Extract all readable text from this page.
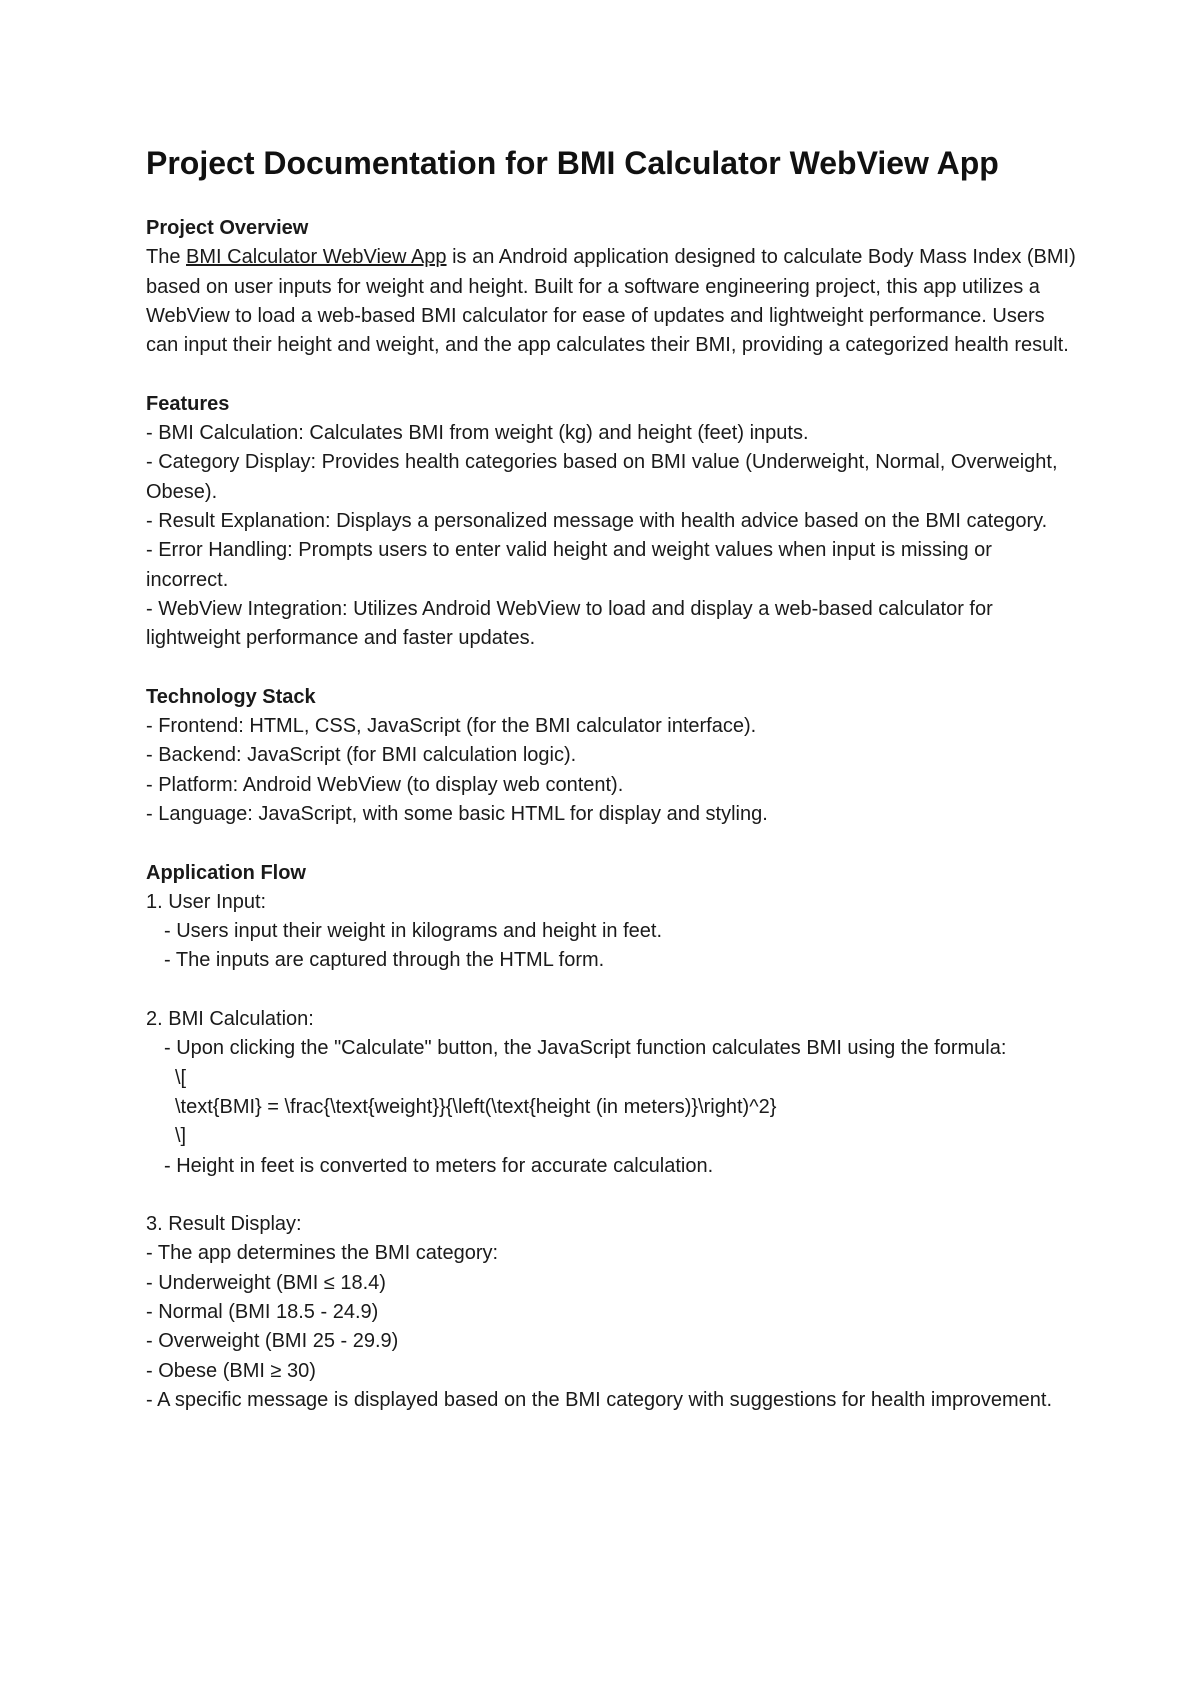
Project Documentation for BMI Calculator WebView App

Project Overview

The BMI Calculator WebView App is an Android application designed to calculate Body Mass Index (BMI) based on user inputs for weight and height. Built for a software engineering project, this app utilizes a WebView to load a web-based BMI calculator for ease of updates and lightweight performance. Users can input their height and weight, and the app calculates their BMI, providing a categorized health result.

Features

- BMI Calculation: Calculates BMI from weight (kg) and height (feet) inputs.

- Category Display: Provides health categories based on BMI value (Underweight, Normal, Overweight, Obese).

- Result Explanation: Displays a personalized message with health advice based on the BMI category.

- Error Handling: Prompts users to enter valid height and weight values when input is missing or incorrect.

- WebView Integration: Utilizes Android WebView to load and display a web-based calculator for lightweight performance and faster updates.

Technology Stack

- Frontend: HTML, CSS, JavaScript (for the BMI calculator interface).

- Backend: JavaScript (for BMI calculation logic).

- Platform: Android WebView (to display web content).

- Language: JavaScript, with some basic HTML for display and styling.

Application Flow

1. User Input:

- Users input their weight in kilograms and height in feet.

- The inputs are captured through the HTML form.

2. BMI Calculation:

- Upon clicking the "Calculate" button, the JavaScript function calculates BMI using the formula:

\[

\text{BMI} = \frac{\text{weight}}{\left(\text{height (in meters)}\right)^2}

\]

- Height in feet is converted to meters for accurate calculation.

3. Result Display:

- The app determines the BMI category:

- Underweight (BMI ≤ 18.4)

- Normal (BMI 18.5 - 24.9)

- Overweight (BMI 25 - 29.9)

- Obese (BMI ≥ 30)

- A specific message is displayed based on the BMI category with suggestions for health improvement.
